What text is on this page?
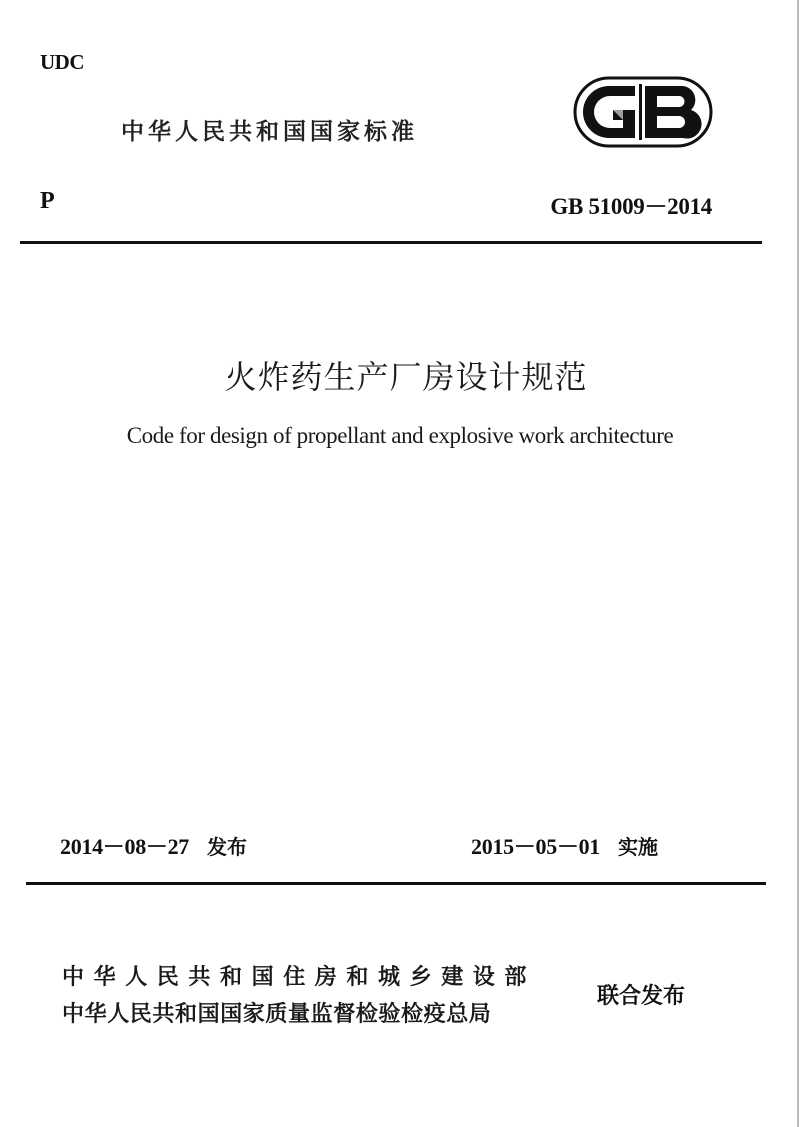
UDC

中华人民共和国国家标准

P	GB 51009－2014

火炸药生产厂房设计规范

Code for design of propellant and explosive work architecture

2014－08－27 发布	2015－05－01 实施

中华人民共和国住房和城乡建设部

中华人民共和国国家质量监督检验检疫总局

联合发布
